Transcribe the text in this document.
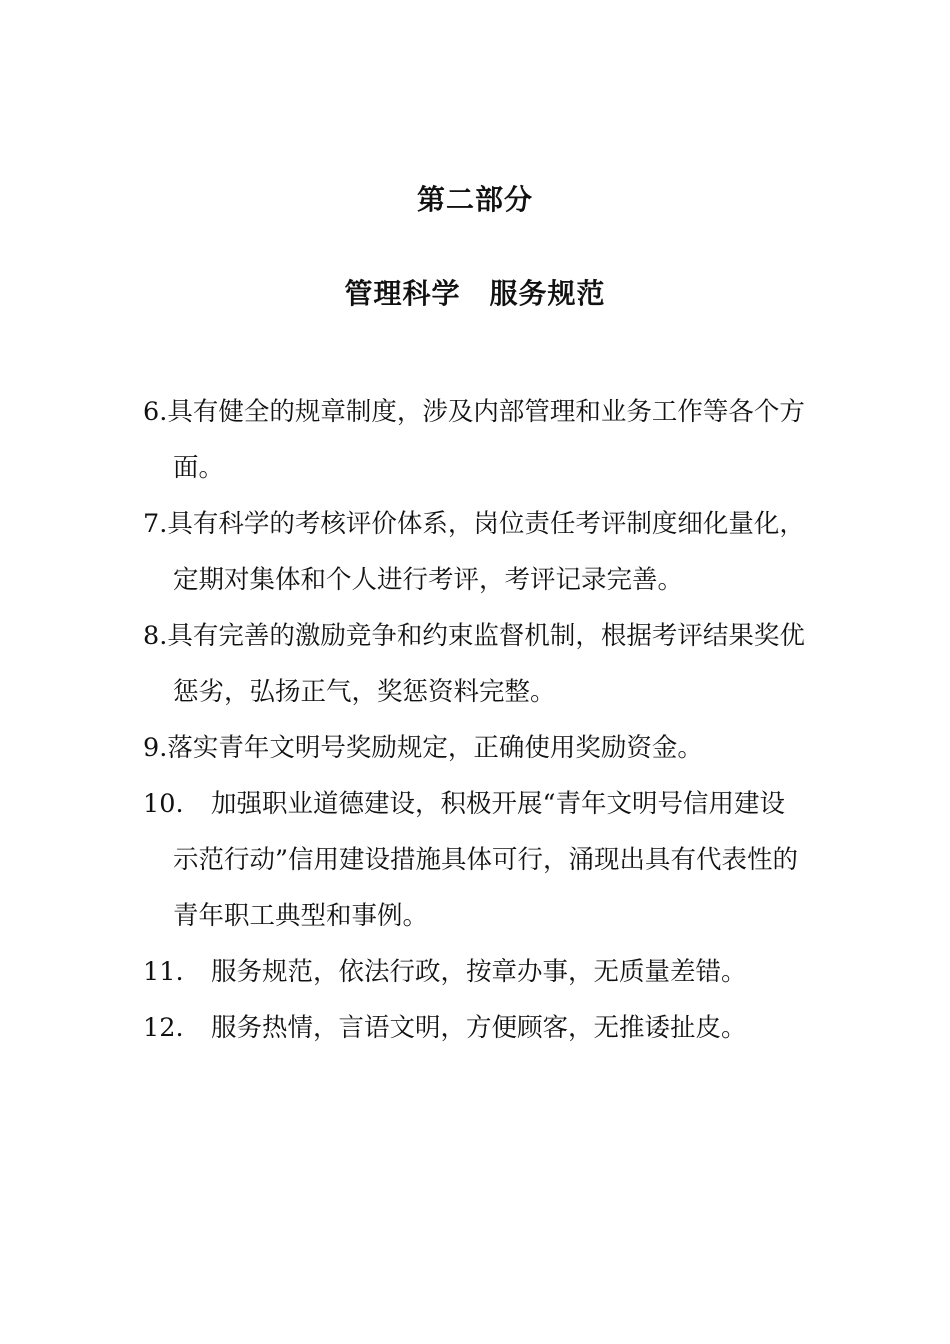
第二部分
管理科学　服务规范
6.具有健全的规章制度，涉及内部管理和业务工作等各个方面。
7.具有科学的考核评价体系，岗位责任考评制度细化量化，定期对集体和个人进行考评，考评记录完善。
8.具有完善的激励竞争和约束监督机制，根据考评结果奖优惩劣，弘扬正气，奖惩资料完整。
9.落实青年文明号奖励规定，正确使用奖励资金。
10. 加强职业道德建设，积极开展“青年文明号信用建设示范行动”信用建设措施具体可行，涌现出具有代表性的青年职工典型和事例。
11. 服务规范，依法行政，按章办事，无质量差错。
12. 服务热情，言语文明，方便顾客，无推诿扯皮。
